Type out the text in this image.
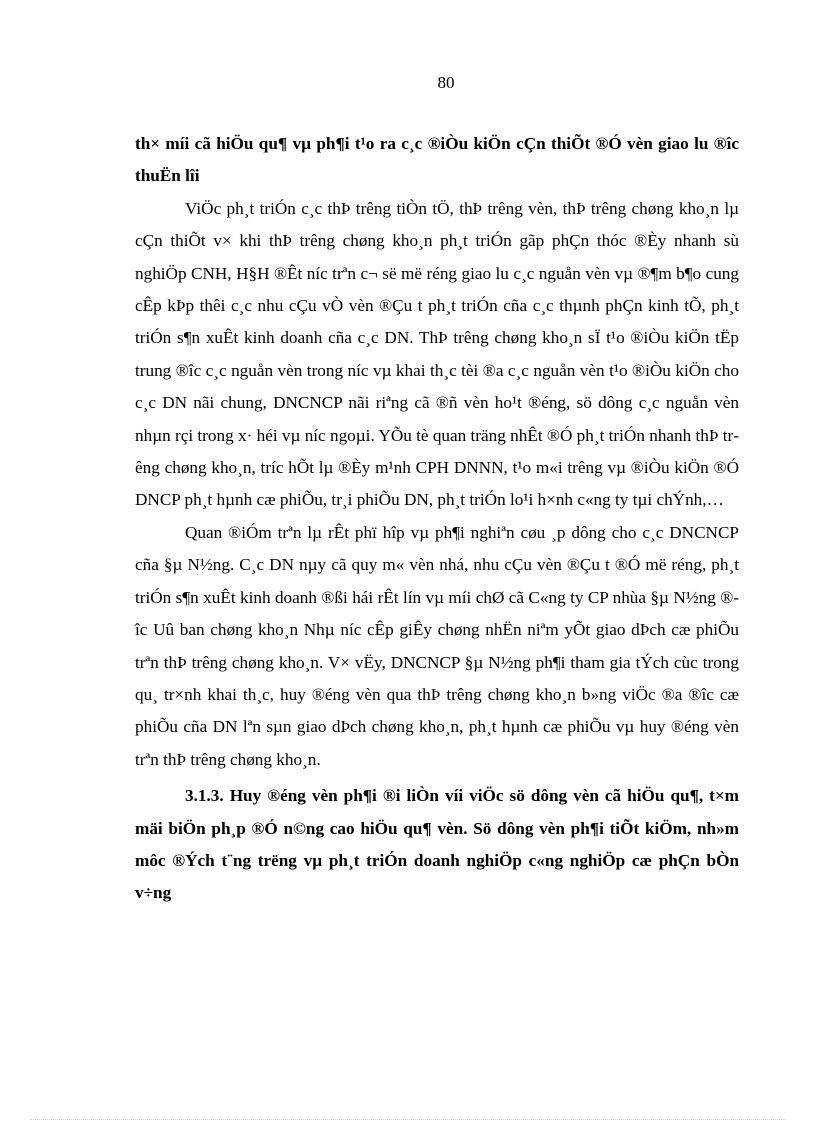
80

th× míi cã hiÖu qu¶ vµ ph¶i t¹o ra c¸c ®iÒu kiÖn cÇn thiÕt ®Ó vèn giao lu ®îc thuËn lîi

ViÖc ph¸t triÓn c¸c thÞ trêng tiÒn tÖ, thÞ trêng vèn, thÞ trêng chøng kho¸n lµ cÇn thiÕt v× khi thÞ trêng chøng kho¸n ph¸t triÓn gãp phÇn thóc ®Èy nhanh sù nghiÖp CNH, H§H ®Êt níc trªn c¬ së më réng giao lu c¸c nguån vèn vµ ®¶m b¶o cung cÊp kÞp thêi c¸c nhu cÇu vÒ vèn ®Çu t ph¸t triÓn cña c¸c thµnh phÇn kinh tÕ, ph¸t triÓn s¶n xuÊt kinh doanh cña c¸c DN. ThÞ trêng chøng kho¸n sÏ t¹o ®iÒu kiÖn tËp trung ®îc c¸c nguån vèn trong níc vµ khai th¸c tèi ®a c¸c nguån vèn t¹o ®iÒu kiÖn cho c¸c DN nãi chung, DNCNCP nãi riªng cã ®ñ vèn ho¹t ®éng, sö dông c¸c nguån vèn nhµn rçi trong x· héi vµ níc ngoµi. YÕu tè quan träng nhÊt ®Ó ph¸t triÓn nhanh thÞ trêng chøng kho¸n, tríc hÕt lµ ®Èy m¹nh CPH DNNN, t¹o m«i trêng vµ ®iÒu kiÖn ®Ó DNCP ph¸t hµnh cæ phiÕu, tr¸i phiÕu DN, ph¸t triÓn lo¹i h×nh c«ng ty tµi chÝnh,…

Quan ®iÓm trªn lµ rÊt phï hîp vµ ph¶i nghiªn cøu ¸p dông cho c¸c DNCNCP cña §µ N½ng. C¸c DN nµy cã quy m« vèn nhá, nhu cÇu vèn ®Çu t ®Ó më réng, ph¸t triÓn s¶n xuÊt kinh doanh ®ßi hái rÊt lín vµ míi chØ cã C«ng ty CP nhùa §µ N½ng ®îc Uû ban chøng kho¸n Nhµ níc cÊp giÊy chøng nhËn niªm yÕt giao dÞch cæ phiÕu trªn thÞ trêng chøng kho¸n. V× vËy, DNCNCP §µ N½ng ph¶i tham gia tÝch cùc trong qu¸ tr×nh khai th¸c, huy ®éng vèn qua thÞ trêng chøng kho¸n b»ng viÖc ®a ®îc cæ phiÕu cña DN lªn sµn giao dÞch chøng kho¸n, ph¸t hµnh cæ phiÕu vµ huy ®éng vèn trªn thÞ trêng chøng kho¸n.

3.1.3. Huy ®éng vèn ph¶i ®i liÒn víi viÖc sö dông vèn cã hiÖu qu¶, t×m mäi biÖn ph¸p ®Ó n©ng cao hiÖu qu¶ vèn. Sö dông vèn ph¶i tiÕt kiÖm, nh»m môc ®Ých t¨ng trëng vµ ph¸t triÓn doanh nghiÖp c«ng nghiÖp cæ phÇn bÒn v÷ng
